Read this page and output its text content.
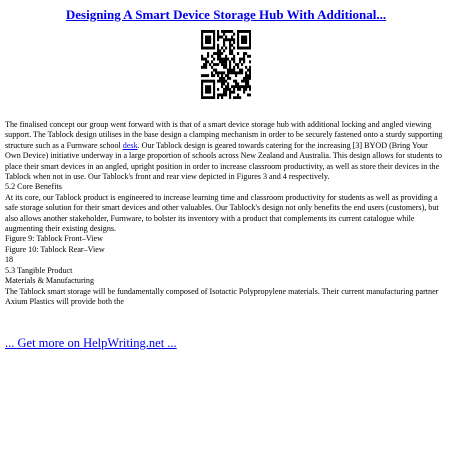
Designing A Smart Device Storage Hub With Additional...

The finalised concept our group went forward with is that of a smart device storage hub with additional locking and angled viewing support. The Tablock design utilises in the base design a clamping mechanism in order to be securely fastened onto a sturdy supporting structure such as a Furnware school desk. Our Tablock design is geared towards catering for the increasing [3] BYOD (Bring Your Own Device) initiative underway in a large proportion of schools across New Zealand and Australia. This design allows for students to place their smart devices in an angled, upright position in order to increase classroom productivity, as well as store their devices in the Tablock when not in use. Our Tablock's front and rear view depicted in Figures 3 and 4 respectively.

5.2 Core Benefits

At its core, our Tablock product is engineered to increase learning time and classroom productivity for students as well as providing a safe storage solution for their smart devices and other valuables. Our Tablock's design not only benefits the end users (customers), but also allows another stakeholder, Furnware, to bolster its inventory with a product that complements its current catalogue while augmenting their existing designs.

Figure 9: Tablock Front–View

Figure 10: Tablock Rear–View

18

5.3 Tangible Product

Materials & Manufacturing

The Tablock smart storage will be fundamentally composed of Isotactic Polypropylene materials. Their current manufacturing partner Axium Plastics will provide both the

... Get more on HelpWriting.net ...
